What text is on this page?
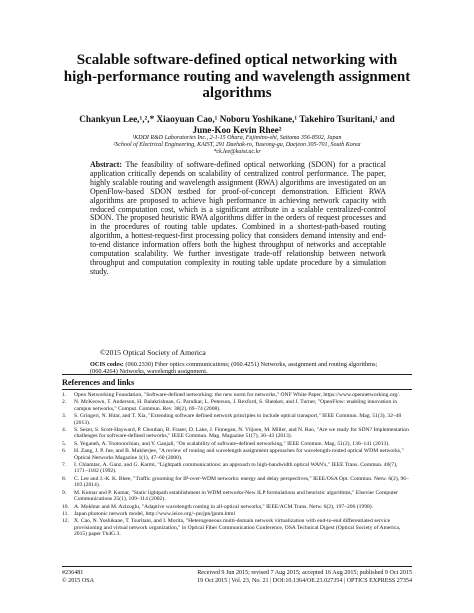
Scalable software-defined optical networking with high-performance routing and wavelength assignment algorithms
Chankyun Lee,¹,²,* Xiaoyuan Cao,¹ Noboru Yoshikane,¹ Takehiro Tsuritani,¹ and June-Koo Kevin Rhee²
¹KDDI R&D Laboratories Inc., 2-1-15 Ohara, Fujimino-shi, Saitama 356-8502, Japan
²School of Electrical Engineering, KAIST, 291 Daehak-ro, Yuseong-gu, Daejeon 305-701, South Korea
*ck.lee@kaist.ac.kr
Abstract: The feasibility of software-defined optical networking (SDON) for a practical application critically depends on scalability of centralized control performance. The paper, highly scalable routing and wavelength assignment (RWA) algorithms are investigated on an OpenFlow-based SDON testbed for proof-of-concept demonstration. Efficient RWA algorithms are proposed to achieve high performance in achieving network capacity with reduced computation cost, which is a significant attribute in a scalable centralized-control SDON. The proposed heuristic RWA algorithms differ in the orders of request processes and in the procedures of routing table updates. Combined in a shortest-path-based routing algorithm, a hottest-request-first processing policy that considers demand intensity and end-to-end distance information offers both the highest throughput of networks and acceptable computation scalability. We further investigate trade-off relationship between network throughput and computation complexity in routing table update procedure by a simulation study.
©2015 Optical Society of America
OCIS codes: (060.2330) Fiber optics communications; (060.4251) Networks, assignment and routing algorithms; (060.4264) Networks, wavelength assignment.
References and links
1.	Open Networking Foundation, "Software-defined networking: the new norm for networks," ONF White Paper, https://www.opennetworking.org/.
2.	N. McKeown, T. Anderson, H. Balakrishnan, G. Parulkar, L. Peterson, J. Rexford, S. Shenker, and J. Turner, "OpenFlow: enabling innovation in campus networks," Comput. Commun. Rev. 38(2), 69–74 (2008).
3.	S. Gringeri, N. Bitar, and T. Xia, "Extending software defined network principles to include optical transport," IEEE Commun. Mag. 51(3), 32–40 (2013).
4.	S. Sezer, S. Scott-Hayward, P. Chouhan, B. Fraser, D. Lake, J. Finnegan, N. Viljoen, M. Miller, and N. Rao, "Are we ready for SDN? Implementation challenges for software-defined networks," IEEE Commun. Mag. Magazine 51(7), 36–43 (2013).
5.	S. Yeganeh, A. Tootoonchian, and Y. Ganjali, "On scalability of software-defined networking," IEEE Commun. Mag. 51(2), 136–141 (2013).
6.	H. Zang, J. P. Jue, and B. Mukherjee, "A review of routing and wavelength assignment approaches for wavelength-routed optical WDM networks," Optical Networks Magazine 1(1), 47–60 (2000).
7.	I. Chlamtac, A. Ganz, and G. Karmi, "Lightpath communications: an approach to high-bandwidth optical WAN's," IEEE Trans. Commun. 40(7), 1171–1182 (1992).
8.	C. Lee and J.-K. K. Rhee, "Traffic grooming for IP-over-WDM networks: energy and delay perspectives," IEEE/OSA Opt. Commun. Netw. 6(2), 96–103 (2014).
9.	M. Kumar and P. Kumar, "Static lightpath establishment in WDM networks-New ILP formulations and heuristic algorithms," Elsevier Computer Communications 25(1), 109–114 (2002).
10. A. Mokhtar and M. Azizoglu, "Adaptive wavelength routing in all-optical networks," IEEE/ACM Trans. Netw. 6(2), 197–206 (1998).
11. Japan photonic network model, http://www.ieice.org/~pn/jpn/jpnm.html
12. X. Cao, N. Yoshikane, T. Tsuritani, and I. Morita, "Heterogeneous multi-domain network virtualization with end-to-end differentiated service provisioning and virtual network organization," in Optical Fiber Communication Conference, OSA Technical Digest (Optical Society of America, 2015) paper Th4G.3.
#236481
© 2015 OSA
Received 9 Jun 2015; revised 7 Aug 2015; accepted 16 Aug 2015; published 9 Oct 2015
19 Oct 2015 | Vol. 23, No. 21 | DOI:10.1364/OE.23.027354 | OPTICS EXPRESS 27354
